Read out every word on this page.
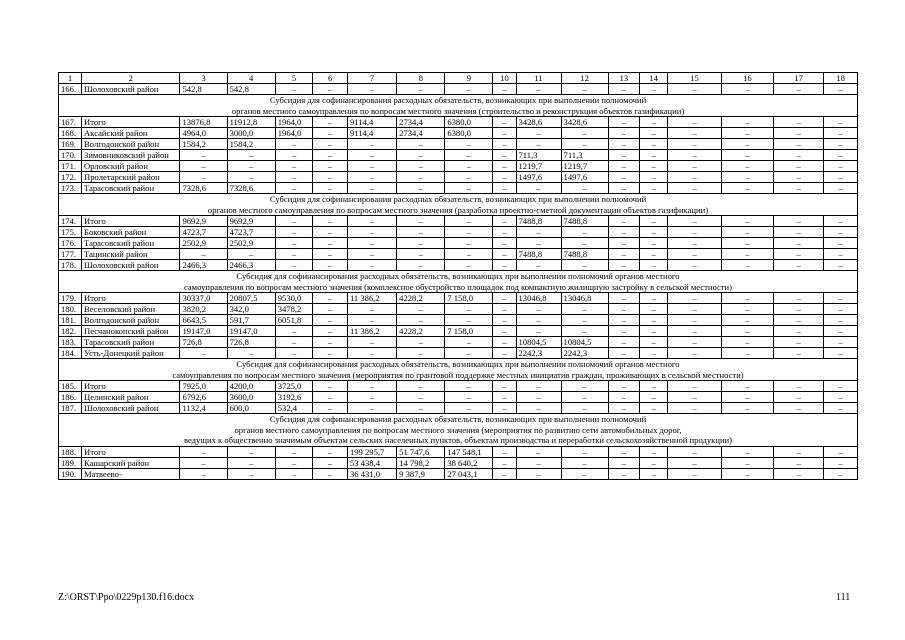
1	2	3	4	5	6	7	8	9	10	11	12	13	14	15	16	17	18
166.	Шолоховский район	542,8	542,8	–	–	–	–	–	–	–	–	–	–	–	–	–	–

Субсидия для софинансирования расходных обязательств, возникающих при выполнении полномочий
органов местного самоуправления по вопросам местного значения (строительство и реконструкция объектов газификации)																	

167.	Итого	13876,8	11912,8	1964,0	–	9114,4	2734,4	6380,0	–	3428,6	3428,6	–	–	–	–	–	–
168.	Аксайский район	4964,0	3000,0	1964,0	–	9114,4	2734,4	6380,0	–	–	–	–	–	–	–	–	–
169.	Волгодонской район	1584,2	1584,2	–	–	–	–	–	–	–	–	–	–	–	–	–	–
170.	Зимовниковский район	–	–	–	–	–	–	–	–	711,3	711,3	–	–	–	–	–	–
171.	Орловский район	–	–	–	–	–	–	–	–	1219,7	1219,7	–	–	–	–	–	–
172.	Пролетарский район	–	–	–	–	–	–	–	–	1497,6	1497,6	–	–	–	–	–	–
173.	Тарасовский район	7328,6	7328,6	–	–	–	–	–	–	–	–	–	–	–	–	–	–

Субсидия для софинансирования расходных обязательств, возникающих при выполнении полномочий
органов местного самоуправления по вопросам местного значения (разработка проектно-сметной документации объектов газификации)																	

174.	Итого	9692,9	9692,9	–	–	–	–	–	–	7488,8	7488,8	–	–	–	–	–	–
175.	Боковский район	4723,7	4723,7	–	–	–	–	–	–	–	–	–	–	–	–	–	–
176.	Тарасовский район	2502,9	2502,9	–	–	–	–	–	–	–	–	–	–	–	–	–	–
177.	Тацинский район	–	–	–	–	–	–	–	–	7488,8	7488,8	–	–	–	–	–	–
178.	Шолоховский район	2466,3	2466,3	–	–	–	–	–	–	–	–	–	–	–	–	–	–

Субсидия для софинансирования расходных обязательств, возникающих при выполнении полномочий органов местного
самоуправления по вопросам местного значения (комплексное обустройство площадок под компактную жилищную застройку в сельской местности)																	

179.	Итого	30337,0	20807,5	9530,0	–	11 386,2	4228,2	7 158,0	–	13046,8	13046,8	–	–	–	–	–	–
180.	Веселовский район	3820,2	342,0	3478,2	–	–	–	–	–	–	–	–	–	–	–	–	–
181.	Волгодонской район	6643,5	591,7	6051,8	–	–	–	–	–	–	–	–	–	–	–	–	–
182.	Песчанокопский район	19147,0	19147,0	–	–	11 386,2	4228,2	7 158,0	–	–	–	–	–	–	–	–	–
183.	Тарасовский район	726,8	726,8	–	–	–	–	–	–	10804,5	10804,5	–	–	–	–	–	–
184.	Усть-Донецкий район	–	–	–	–	–	–	–	–	2242,3	2242,3	–	–	–	–	–	–

Субсидия для софинансирования расходных обязательств, возникающих при выполнении полномочий органов местного
самоуправления по вопросам местного значения (мероприятия по грантовой поддержке местных инициатив граждан, проживающих в сельской местности)																	

185.	Итого	7925,0	4200,0	3725,0	–	–	–	–	–	–	–	–	–	–	–	–	–
186.	Целинский район	6792,6	3600,0	3192,6	–	–	–	–	–	–	–	–	–	–	–	–	–
187.	Шолоховский район	1132,4	600,0	532,4	–	–	–	–	–	–	–	–	–	–	–	–	–

Субсидия для софинансирования расходных обязательств, возникающих при выполнении полномочий
органов местного самоуправления по вопросам местного значения (мероприятия по развитию сети автомобильных дорог,
ведущих к общественно значимым объектам сельских населенных пунктов, объектам производства и переработки сельскохозяйственной продукции)																	

188.	Итого	–	–	–	–	199 295,7	51 747,6	147 548,1	–	–	–	–	–	–	–	–	–
189.	Кашарский район	–	–	–	–	53 438,4	14 798,2	38 640,2	–	–	–	–	–	–	–	–	–
190.	Матвеево-	–	–	–	–	36 431,0	9 387,9	27 043,1	–	–	–	–	–	–	–	–	–
Z:\ORST\Ppo\0229p130.f16.docx	111
